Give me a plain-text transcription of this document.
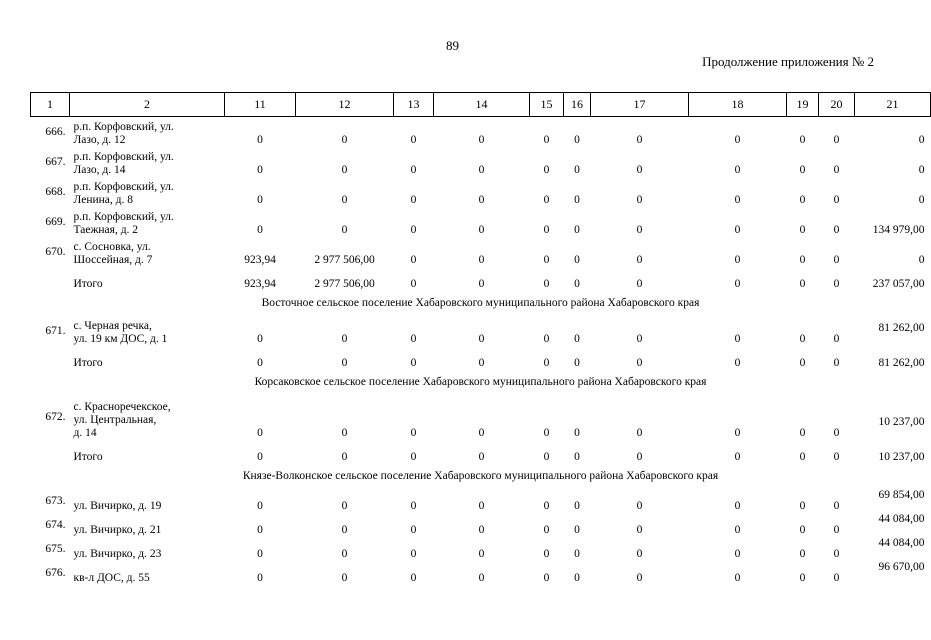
89
Продолжение приложения № 2
1	2	11	12	13	14	15	16	17	18	19	20	21
666.	р.п. Корфовский, ул.
Лазо, д. 12	0	0	0	0	0	0	0	0	0	0	0
667.	р.п. Корфовский, ул.
Лазо, д. 14	0	0	0	0	0	0	0	0	0	0	0
668.	р.п. Корфовский, ул.
Ленина, д. 8	0	0	0	0	0	0	0	0	0	0	0
669.	р.п. Корфовский, ул.
Таежная, д. 2	0	0	0	0	0	0	0	0	0	0	134 979,00
670.	с. Сосновка, ул.
Шоссейная, д. 7	923,94	2 977 506,00	0	0	0	0	0	0	0	0	0
	Итого	923,94	2 977 506,00	0	0	0	0	0	0	0	0	237 057,00
Восточное сельское поселение Хабаровского муниципального района Хабаровского края												
671.	с. Черная речка,
ул. 19 км ДОС, д. 1	0	0	0	0	0	0	0	0	0	0	81 262,00
	Итого	0	0	0	0	0	0	0	0	0	0	81 262,00
Корсаковское сельское поселение Хабаровского муниципального района Хабаровского края												
672.	с. Красноречекское,
ул. Центральная,
д. 14	0	0	0	0	0	0	0	0	0	0	10 237,00
	Итого	0	0	0	0	0	0	0	0	0	0	10 237,00
Князе-Волконское сельское поселение Хабаровского муниципального района Хабаровского края												
673.	ул. Вичирко, д. 19	0	0	0	0	0	0	0	0	0	0	69 854,00
674.	ул. Вичирко, д. 21	0	0	0	0	0	0	0	0	0	0	44 084,00
675.	ул. Вичирко, д. 23	0	0	0	0	0	0	0	0	0	0	44 084,00
676.	кв-л ДОС, д. 55	0	0	0	0	0	0	0	0	0	0	96 670,00
